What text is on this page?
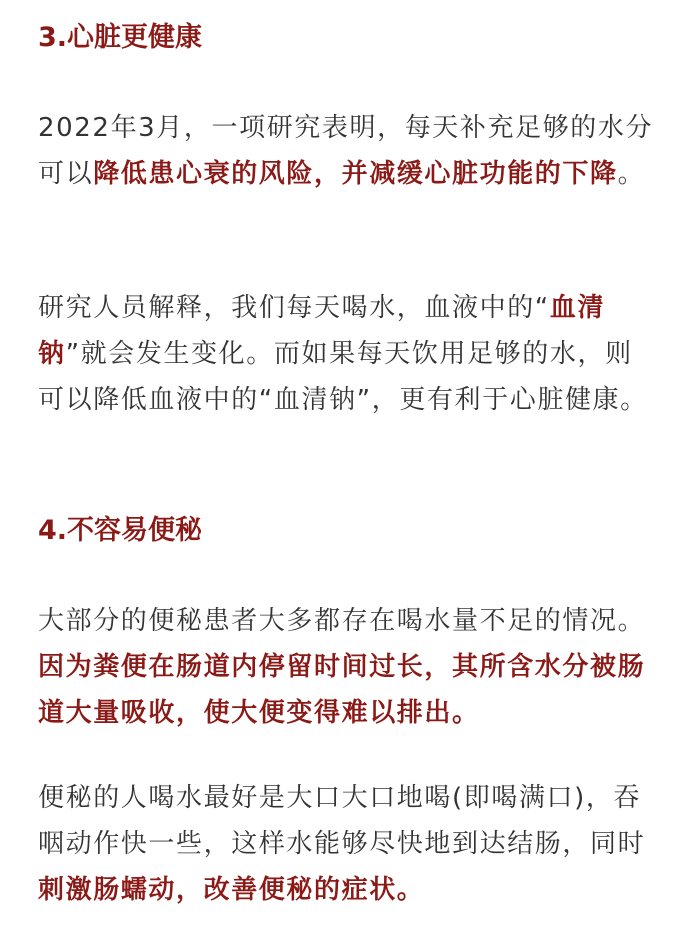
3.心脏更健康

2022年3月，一项研究表明，每天补充足够的水分可以降低患心衰的风险，并减缓心脏功能的下降。

研究人员解释，我们每天喝水，血液中的“血清钠”就会发生变化。而如果每天饮用足够的水，则可以降低血液中的“血清钠”，更有利于心脏健康。

4.不容易便秘

大部分的便秘患者大多都存在喝水量不足的情况。因为粪便在肠道内停留时间过长，其所含水分被肠道大量吸收，使大便变得难以排出。

便秘的人喝水最好是大口大口地喝(即喝满口)，吞咽动作快一些，这样水能够尽快地到达结肠，同时刺激肠蠕动，改善便秘的症状。
